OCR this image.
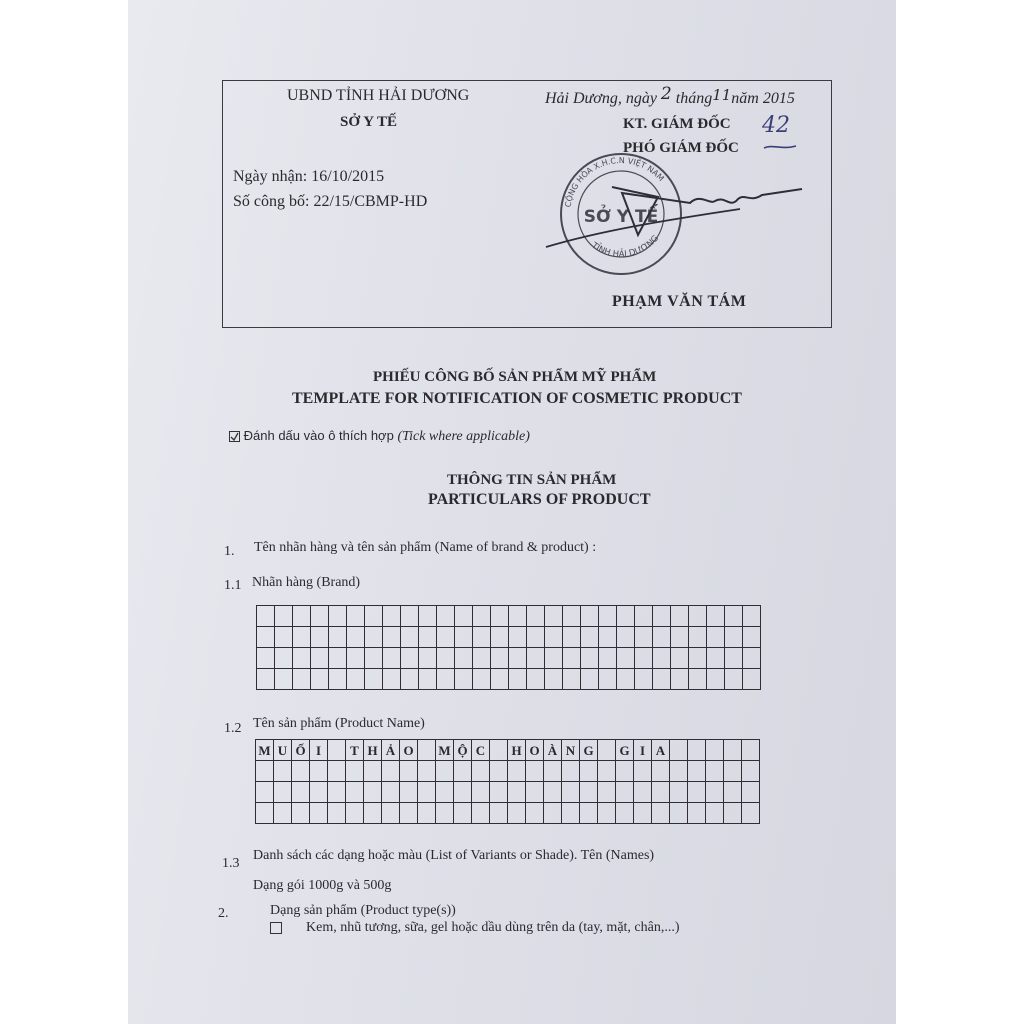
UBND TỈNH HẢI DƯƠNG
SỞ Y TẾ
Hải Dương, ngày 2 tháng11năm 2015
KT. GIÁM ĐỐC
PHÓ GIÁM ĐỐC
42
Ngày nhận: 16/10/2015
Số công bố: 22/15/CBMP-HD	CỘNG HÒA X.H.C.N VIỆT NAM
TỈNH HẢI DƯƠNG
SỞ Y TẾ
PHẠM VĂN TÁM
PHIẾU CÔNG BỐ SẢN PHẨM MỸ PHẨM
TEMPLATE FOR NOTIFICATION OF COSMETIC PRODUCT
Đánh dấu vào ô thích hợp (Tick where applicable)
THÔNG TIN SẢN PHẨM
PARTICULARS OF PRODUCT
1. Tên nhãn hàng và tên sản phẩm (Name of brand & product) :
1.1 Nhãn hàng (Brand)

1.2 Tên sản phẩm (Product Name)
M	U	Ố	I		T	H	Ả	O		M	Ộ	C		H	O	À	N	G		G	I	A					

1.3
Danh sách các dạng hoặc màu (List of Variants or Shade). Tên (Names)
Dạng gói 1000g và 500g
2.	Dạng sản phẩm (Product type(s))
Kem, nhũ tương, sữa, gel hoặc dầu dùng trên da (tay, mặt, chân,...)
